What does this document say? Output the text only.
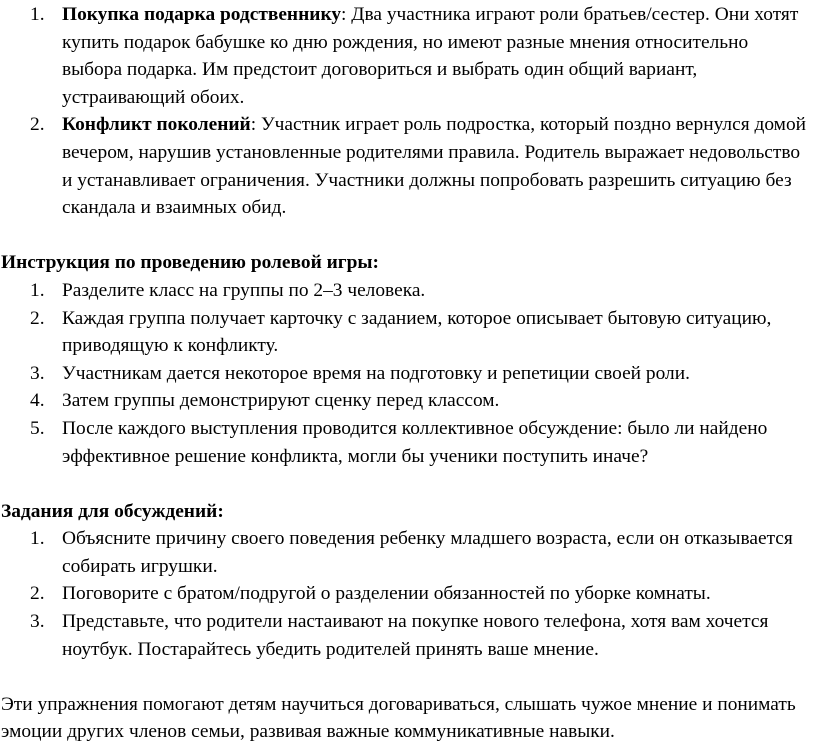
1. Покупка подарка родственнику: Два участника играют роли братьев/сестер. Они хотят купить подарок бабушке ко дню рождения, но имеют разные мнения относительно выбора подарка. Им предстоит договориться и выбрать один общий вариант, устраивающий обоих.
2. Конфликт поколений: Участник играет роль подростка, который поздно вернулся домой вечером, нарушив установленные родителями правила. Родитель выражает недовольство и устанавливает ограничения. Участники должны попробовать разрешить ситуацию без скандала и взаимных обид.
Инструкция по проведению ролевой игры:
1. Разделите класс на группы по 2–3 человека.
2. Каждая группа получает карточку с заданием, которое описывает бытовую ситуацию, приводящую к конфликту.
3. Участникам дается некоторое время на подготовку и репетиции своей роли.
4. Затем группы демонстрируют сценку перед классом.
5. После каждого выступления проводится коллективное обсуждение: было ли найдено эффективное решение конфликта, могли бы ученики поступить иначе?
Задания для обсуждений:
1. Объясните причину своего поведения ребенку младшего возраста, если он отказывается собирать игрушки.
2. Поговорите с братом/подругой о разделении обязанностей по уборке комнаты.
3. Представьте, что родители настаивают на покупке нового телефона, хотя вам хочется ноутбук. Постарайтесь убедить родителей принять ваше мнение.

Эти упражнения помогают детям научиться договариваться, слышать чужое мнение и понимать эмоции других членов семьи, развивая важные коммуникативные навыки.
